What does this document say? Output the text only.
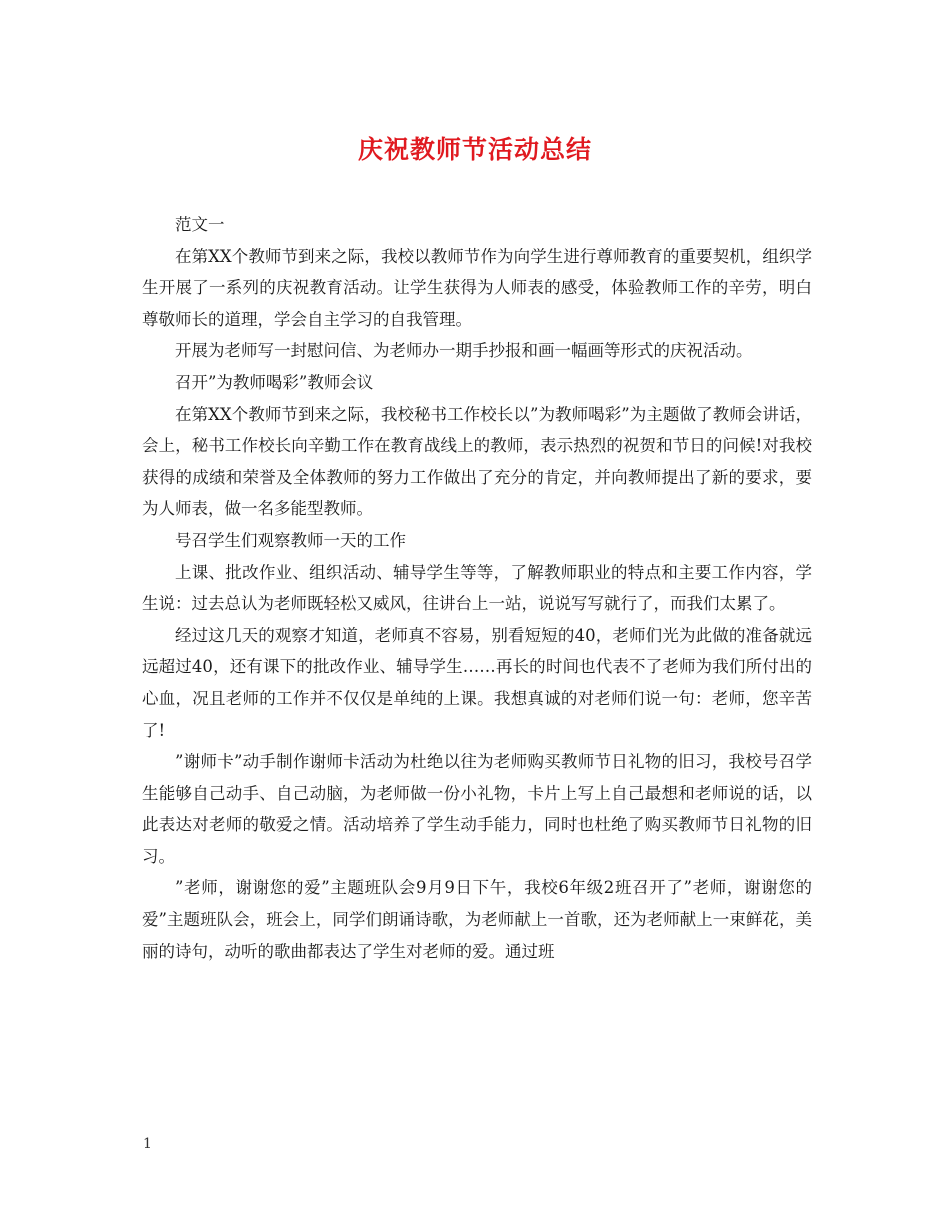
庆祝教师节活动总结

范文一

在第XX个教师节到来之际，我校以教师节作为向学生进行尊师教育的重要契机，组织学生开展了一系列的庆祝教育活动。让学生获得为人师表的感受，体验教师工作的辛劳，明白尊敬师长的道理，学会自主学习的自我管理。

开展为老师写一封慰问信、为老师办一期手抄报和画一幅画等形式的庆祝活动。

召开”为教师喝彩”教师会议

在第XX个教师节到来之际，我校秘书工作校长以”为教师喝彩”为主题做了教师会讲话，会上，秘书工作校长向辛勤工作在教育战线上的教师，表示热烈的祝贺和节日的问候!对我校获得的成绩和荣誉及全体教师的努力工作做出了充分的肯定，并向教师提出了新的要求，要为人师表，做一名多能型教师。

号召学生们观察教师一天的工作

上课、批改作业、组织活动、辅导学生等等，了解教师职业的特点和主要工作内容，学生说：过去总认为老师既轻松又威风，往讲台上一站，说说写写就行了，而我们太累了。

经过这几天的观察才知道，老师真不容易，别看短短的40，老师们光为此做的准备就远远超过40，还有课下的批改作业、辅导学生……再长的时间也代表不了老师为我们所付出的心血，况且老师的工作并不仅仅是单纯的上课。我想真诚的对老师们说一句：老师，您辛苦了!

”谢师卡”动手制作谢师卡活动为杜绝以往为老师购买教师节日礼物的旧习，我校号召学生能够自己动手、自己动脑，为老师做一份小礼物，卡片上写上自己最想和老师说的话，以此表达对老师的敬爱之情。活动培养了学生动手能力，同时也杜绝了购买教师节日礼物的旧习。

”老师，谢谢您的爱”主题班队会9月9日下午，我校6年级2班召开了”老师，谢谢您的爱”主题班队会，班会上，同学们朗诵诗歌，为老师献上一首歌，还为老师献上一束鲜花，美丽的诗句，动听的歌曲都表达了学生对老师的爱。通过班

1
